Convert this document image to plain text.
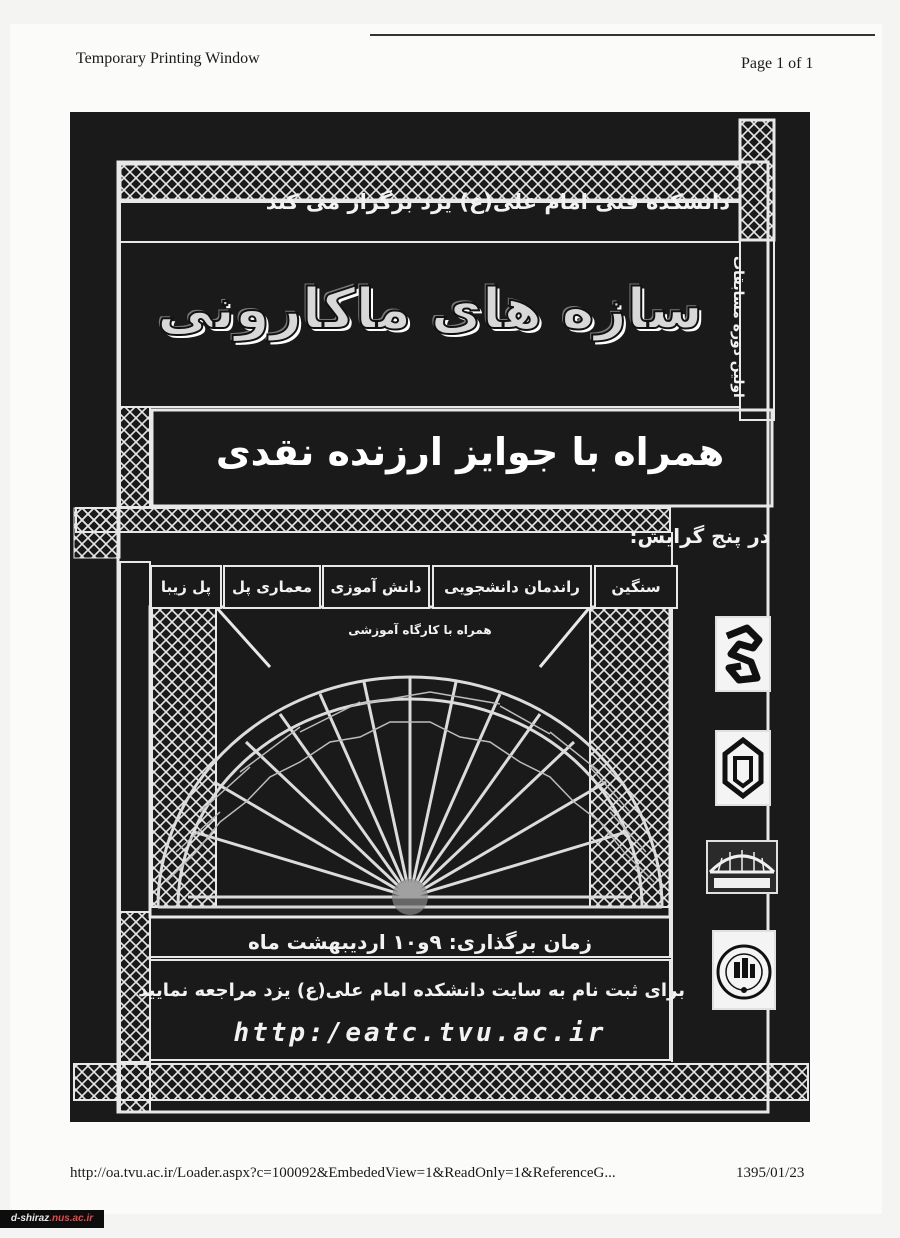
Temporary Printing Window	Page 1 of 1
دانشکده فنی امام علی(ع) یزد برگزار می کند
اولین دوره مسابقات
سازه های ماکارونی
همراه با جوایز ارزنده نقدی
در پنج گرایش:
سنگین
راندمان دانشجویی
دانش آموزی
معماری پل
پل زیبا
همراه با کارگاه آموزشی
زمان برگذاری: ۹و۱۰ اردیبهشت ماه
برای ثبت نام به سایت دانشکده امام علی(ع) یزد مراجعه نمایید
http:/eatc.tvu.ac.ir
http://oa.tvu.ac.ir/Loader.aspx?c=100092&EmbededView=1&ReadOnly=1&ReferenceG...	1395/01/23
d-shiraz.nus.ac.ir
